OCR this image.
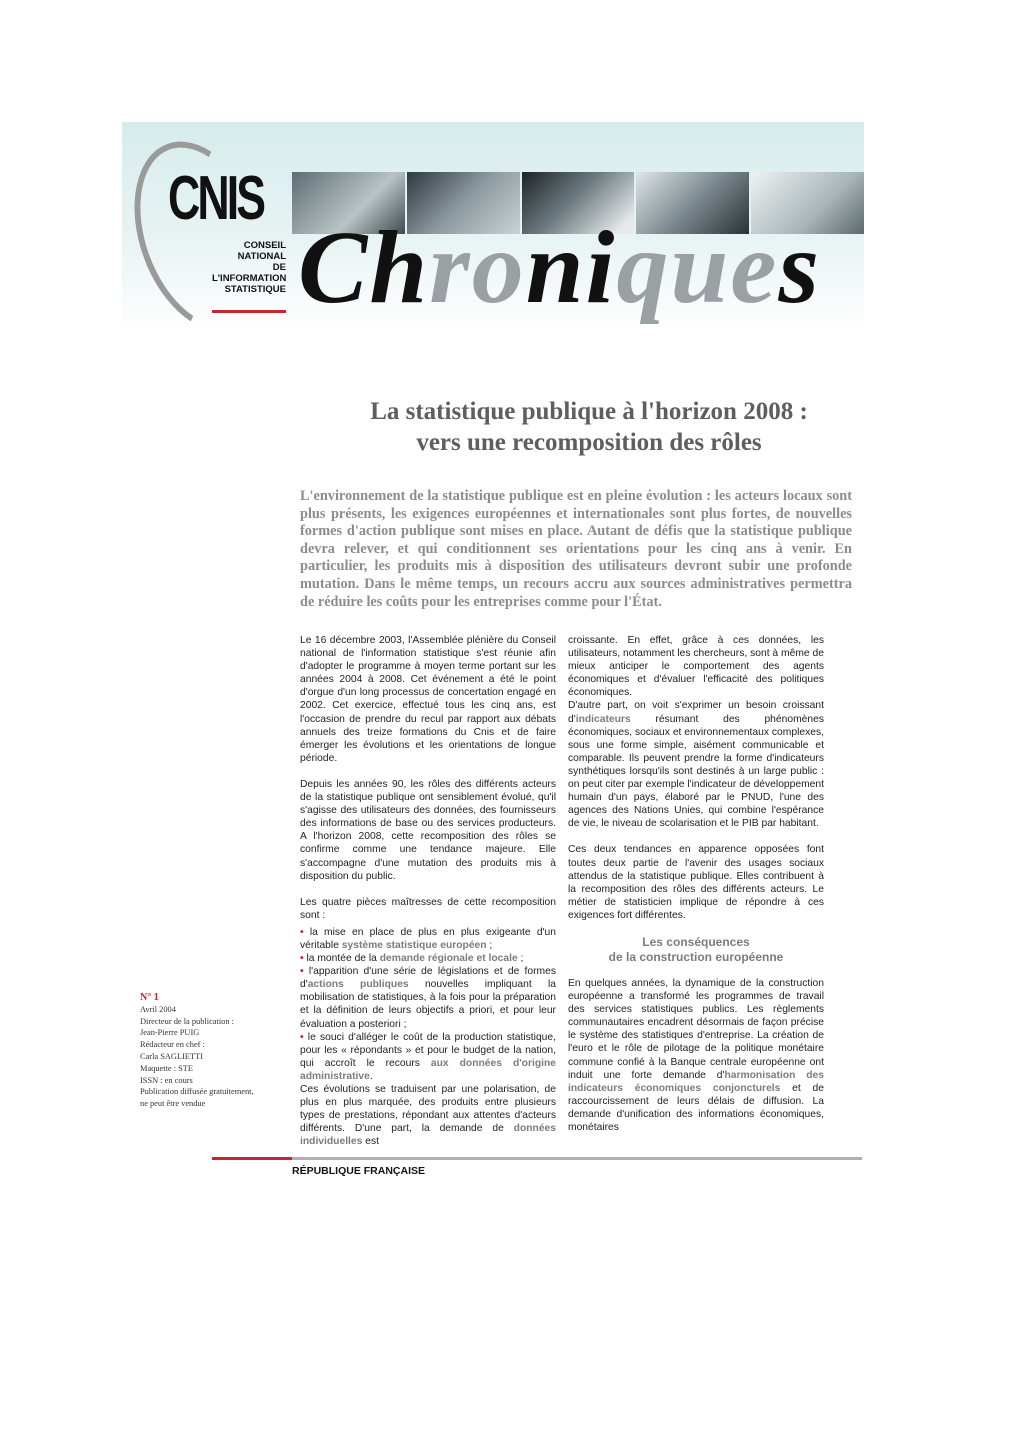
CNIS
CONSEIL
NATIONAL
DE
L'INFORMATION
STATISTIQUE Chroniques
La statistique publique à l'horizon 2008 :
vers une recomposition des rôles
L'environnement de la statistique publique est en pleine évolution : les acteurs locaux sont plus présents, les exigences européennes et internationales sont plus fortes, de nouvelles formes d'action publique sont mises en place. Autant de défis que la statistique publique devra relever, et qui conditionnent ses orientations pour les cinq ans à venir. En particulier, les produits mis à disposition des utilisateurs devront subir une profonde mutation. Dans le même temps, un recours accru aux sources administratives permettra de réduire les coûts pour les entreprises comme pour l'État.

Le 16 décembre 2003, l'Assemblée plénière du Conseil national de l'information statistique s'est réunie afin d'adopter le programme à moyen terme portant sur les années 2004 à 2008. Cet événement a été le point d'orgue d'un long processus de concertation engagé en 2002. Cet exercice, effectué tous les cinq ans, est l'occasion de prendre du recul par rapport aux débats annuels des treize formations du Cnis et de faire émerger les évolutions et les orientations de longue période.

Depuis les années 90, les rôles des différents acteurs de la statistique publique ont sensiblement évolué, qu'il s'agisse des utilisateurs des données, des fournisseurs des informations de base ou des services producteurs. A l'horizon 2008, cette recomposition des rôles se confirme comme une tendance majeure. Elle s'accompagne d'une mutation des produits mis à disposition du public.

Les quatre pièces maîtresses de cette recomposition sont :

• la mise en place de plus en plus exigeante d'un véritable système statistique européen ;
• la montée de la demande régionale et locale ;
• l'apparition d'une série de législations et de formes d'actions publiques nouvelles impliquant la mobilisation de statistiques, à la fois pour la préparation et la définition de leurs objectifs a priori, et pour leur évaluation a posteriori ;
• le souci d'alléger le coût de la production statistique, pour les « répondants » et pour le budget de la nation, qui accroît le recours aux données d'origine administrative.

Ces évolutions se traduisent par une polarisation, de plus en plus marquée, des produits entre plusieurs types de prestations, répondant aux attentes d'acteurs différents. D'une part, la demande de données individuelles est

croissante. En effet, grâce à ces données, les utilisateurs, notamment les chercheurs, sont à même de mieux anticiper le comportement des agents économiques et d'évaluer l'efficacité des politiques économiques.

D'autre part, on voit s'exprimer un besoin croissant d'indicateurs résumant des phénomènes économiques, sociaux et environnementaux complexes, sous une forme simple, aisément communicable et comparable. Ils peuvent prendre la forme d'indicateurs synthétiques lorsqu'ils sont destinés à un large public : on peut citer par exemple l'indicateur de développement humain d'un pays, élaboré par le PNUD, l'une des agences des Nations Unies, qui combine l'espérance de vie, le niveau de scolarisation et le PIB par habitant.

Ces deux tendances en apparence opposées font toutes deux partie de l'avenir des usages sociaux attendus de la statistique publique. Elles contribuent à la recomposition des rôles des différents acteurs. Le métier de statisticien implique de répondre à ces exigences fort différentes.

Les conséquences
de la construction européenne

En quelques années, la dynamique de la construction européenne a transformé les programmes de travail des services statistiques publics. Les règlements communautaires encadrent désormais de façon précise le système des statistiques d'entreprise. La création de l'euro et le rôle de pilotage de la politique monétaire commune confié à la Banque centrale européenne ont induit une forte demande d'harmonisation des indicateurs économiques conjoncturels et de raccourcissement de leurs délais de diffusion. La demande d'unification des informations économiques, monétaires

N° 1
Avril 2004
Directeur de la publication :
Jean-Pierre PUIG
Rédacteur en chef :
Carla SAGLIETTI
Maquette : STE
ISSN : en cours
Publication diffusée gratuitement,
ne peut être vendue
RÉPUBLIQUE FRANÇAISE
